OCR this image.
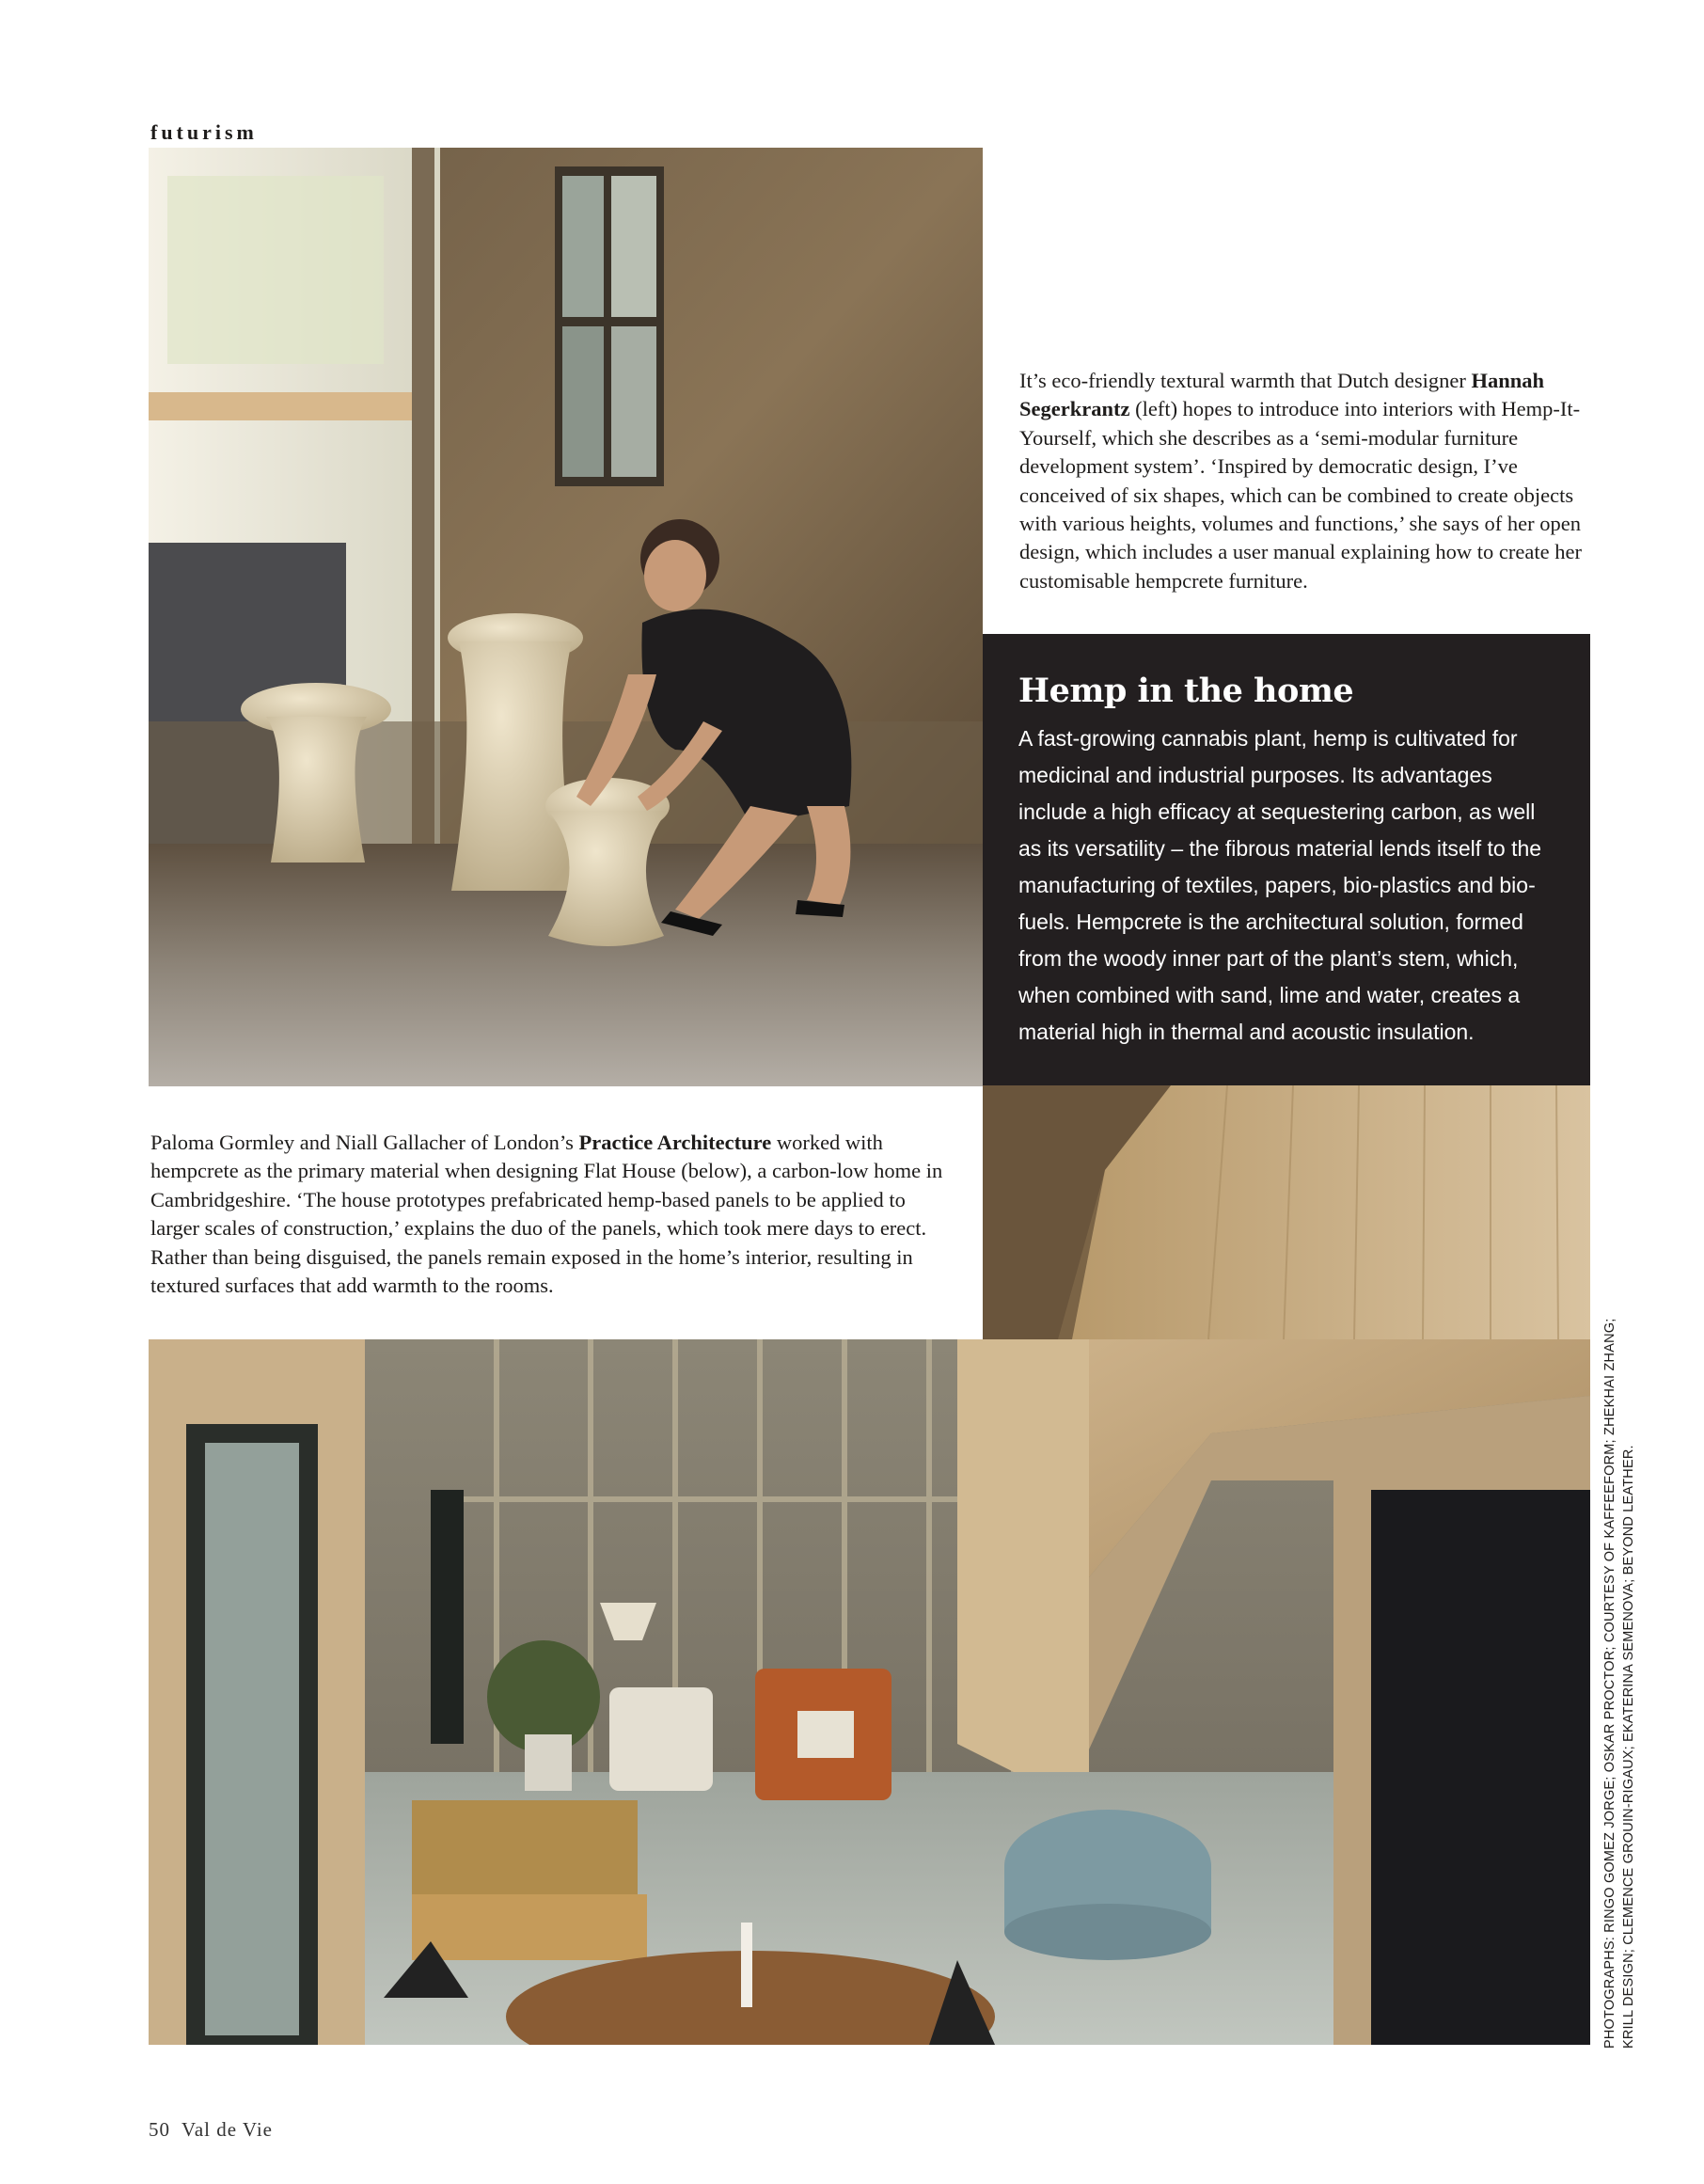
futurism
It’s eco-friendly textural warmth that Dutch designer Hannah Segerkrantz (left) hopes to introduce into interiors with Hemp-It-Yourself, which she describes as a ‘semi-modular furniture development system’. ‘Inspired by democratic design, I’ve conceived of six shapes, which can be combined to create objects with various heights, volumes and functions,’ she says of her open design, which includes a user manual explaining how to create her customisable hempcrete furniture.
Hemp in the home
A fast-growing cannabis plant, hemp is cultivated for medicinal and industrial purposes. Its advantages include a high efficacy at sequestering carbon, as well as its versatility – the fibrous material lends itself to the manufacturing of textiles, papers, bio-plastics and bio-fuels. Hempcrete is the architectural solution, formed from the woody inner part of the plant’s stem, which, when combined with sand, lime and water, creates a material high in thermal and acoustic insulation.
Paloma Gormley and Niall Gallacher of London’s Practice Architecture worked with hempcrete as the primary material when designing Flat House (below), a carbon-low home in Cambridgeshire. ‘The house prototypes prefabricated hemp-based panels to be applied to larger scales of construction,’ explains the duo of the panels, which took mere days to erect. Rather than being disguised, the panels remain exposed in the home’s interior, resulting in textured surfaces that add warmth to the rooms.
PHOTOGRAPHS: RINGO GOMEZ JORGE; OSKAR PROCTOR; COURTESY OF KAFFEEFORM; ZHEKHAI ZHANG; KRILL DESIGN; CLEMENCE GROUIN-RIGAUX; EKATERINA SEMENOVA; BEYOND LEATHER.
50 Val de Vie
